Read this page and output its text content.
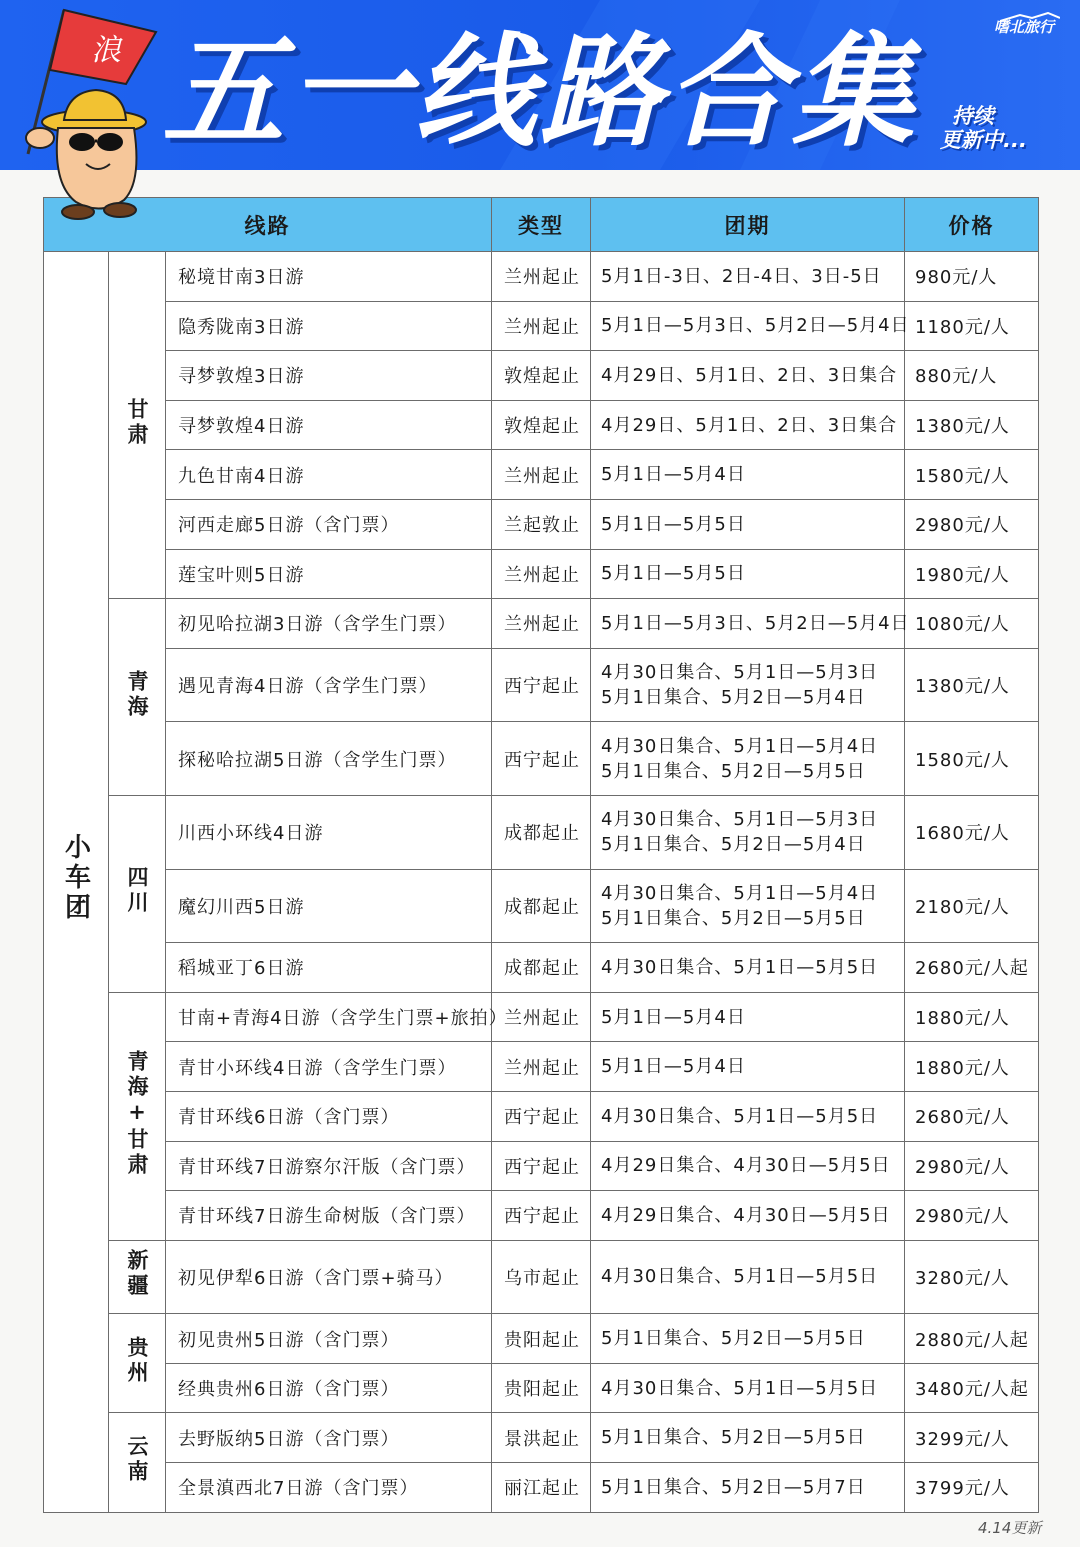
五一线路合集	持续
更新中...
嗜北旅行
浪
线路			类型	团期	价格
小车团	甘肃	秘境甘南3日游	兰州起止	5月1日-3日、2日-4日、3日-5日	980元/人
		隐秀陇南3日游	兰州起止	5月1日—5月3日、5月2日—5月4日	1180元/人
		寻梦敦煌3日游	敦煌起止	4月29日、5月1日、2日、3日集合	880元/人
		寻梦敦煌4日游	敦煌起止	4月29日、5月1日、2日、3日集合	1380元/人
		九色甘南4日游	兰州起止	5月1日—5月4日	1580元/人
		河西走廊5日游（含门票）	兰起敦止	5月1日—5月5日	2980元/人
		莲宝叶则5日游	兰州起止	5月1日—5月5日	1980元/人
	青海	初见哈拉湖3日游（含学生门票）	兰州起止	5月1日—5月3日、5月2日—5月4日	1080元/人
		遇见青海4日游（含学生门票）	西宁起止	4月30日集合、5月1日—5月3日
5月1日集合、5月2日—5月4日	1380元/人
		探秘哈拉湖5日游（含学生门票）	西宁起止	4月30日集合、5月1日—5月4日
5月1日集合、5月2日—5月5日	1580元/人
	四川	川西小环线4日游	成都起止	4月30日集合、5月1日—5月3日
5月1日集合、5月2日—5月4日	1680元/人
		魔幻川西5日游	成都起止	4月30日集合、5月1日—5月4日
5月1日集合、5月2日—5月5日	2180元/人
		稻城亚丁6日游	成都起止	4月30日集合、5月1日—5月5日	2680元/人起
	青海+甘肃	甘南+青海4日游（含学生门票+旅拍）	兰州起止	5月1日—5月4日	1880元/人
		青甘小环线4日游（含学生门票）	兰州起止	5月1日—5月4日	1880元/人
		青甘环线6日游（含门票）	西宁起止	4月30日集合、5月1日—5月5日	2680元/人
		青甘环线7日游察尔汗版（含门票）	西宁起止	4月29日集合、4月30日—5月5日	2980元/人
		青甘环线7日游生命树版（含门票）	西宁起止	4月29日集合、4月30日—5月5日	2980元/人
	新疆	初见伊犁6日游（含门票+骑马）	乌市起止	4月30日集合、5月1日—5月5日	3280元/人
	贵州	初见贵州5日游（含门票）	贵阳起止	5月1日集合、5月2日—5月5日	2880元/人起
		经典贵州6日游（含门票）	贵阳起止	4月30日集合、5月1日—5月5日	3480元/人起
	云南	去野版纳5日游（含门票）	景洪起止	5月1日集合、5月2日—5月5日	3299元/人
		全景滇西北7日游（含门票）	丽江起止	5月1日集合、5月2日—5月7日	3799元/人
4.14更新
